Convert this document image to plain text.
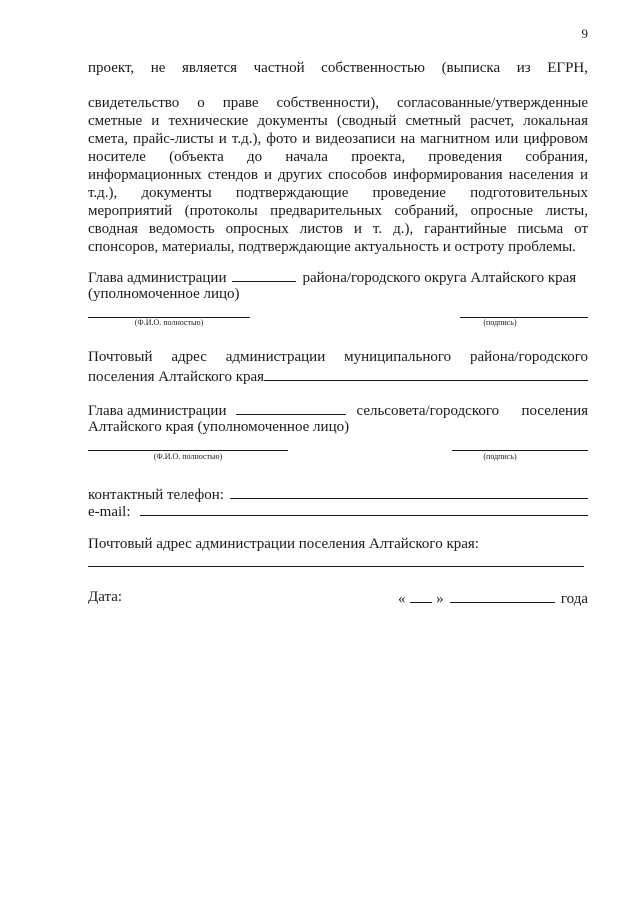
9
проект, не является частной собственностью (выписка из ЕГРН,
свидетельство о праве собственности), согласованные/утвержденные
сметные и технические документы (сводный сметный расчет, локальная
смета, прайс-листы и т.д.), фото и видеозаписи на магнитном или цифровом
носителе (объекта до начала проекта, проведения собрания,
информационных стендов и других способов информирования населения и
т.д.), документы подтверждающие проведение подготовительных
мероприятий (протоколы предварительных собраний, опросные листы,
сводная ведомость опросных листов и т. д.), гарантийные письма от
спонсоров, материалы, подтверждающие актуальность и остроту проблемы.
Глава администрации	района/городского округа Алтайского края
(уполномоченное лицо)
(Ф.И.О. полностью)	(подпись)
Почтовый адрес администрации муниципального района/городского
поселения Алтайского края
Глава администрации	сельсовета/городского поселения
Алтайского края (уполномоченное лицо)
(Ф.И.О. полностью)	(подпись)
контактный телефон:
e-mail:
Почтовый адрес администрации поселения Алтайского края:
Дата:	« »	года
